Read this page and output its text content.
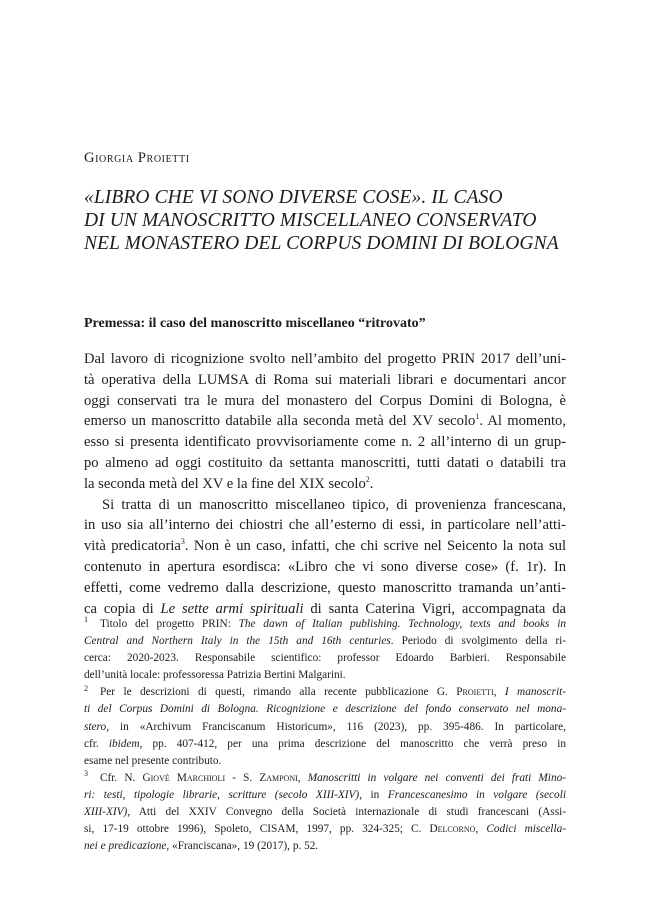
Giorgia Proietti

«LIBRO CHE VI SONO DIVERSE COSE». IL CASO
DI UN MANOSCRITTO MISCELLANEO CONSERVATO
NEL MONASTERO DEL CORPUS DOMINI DI BOLOGNA
Premessa: il caso del manoscritto miscellaneo “ritrovato”
Dal lavoro di ricognizione svolto nell’ambito del progetto PRIN 2017 dell’uni-
tà operativa della LUMSA di Roma sui materiali librari e documentari ancor
oggi conservati tra le mura del monastero del Corpus Domini di Bologna, è
emerso un manoscritto databile alla seconda metà del XV secolo$^1$. Al momento,
esso si presenta identificato provvisoriamente come n. 2 all’interno di un grup-
po almeno ad oggi costituito da settanta manoscritti, tutti datati o databili tra
la seconda metà del XV e la fine del XIX secolo$^2$.
Si tratta di un manoscritto miscellaneo tipico, di provenienza francescana,
in uso sia all’interno dei chiostri che all’esterno di essi, in particolare nell’atti-
vità predicatoria$^3$. Non è un caso, infatti, che chi scrive nel Seicento la nota sul
contenuto in apertura esordisca: «Libro che vi sono diverse cose» (f. 1r). In
effetti, come vedremo dalla descrizione, questo manoscritto tramanda un’anti-
ca copia di Le sette armi spirituali di santa Caterina Vigri, accompagnata da
1 Titolo del progetto PRIN: The dawn of Italian publishing. Technology, texts and books in
Central and Northern Italy in the 15th and 16th centuries. Periodo di svolgimento della ri-
cerca: 2020-2023. Responsabile scientifico: professor Edoardo Barbieri. Responsabile
dell’unità locale: professoressa Patrizia Bertini Malgarini.
2 Per le descrizioni di questi, rimando alla recente pubblicazione G. Proietti, I manoscrit-
ti del Corpus Domini di Bologna. Ricognizione e descrizione del fondo conservato nel mona-
stero, in «Archivum Franciscanum Historicum», 116 (2023), pp. 395-486. In particolare,
cfr. ibidem, pp. 407-412, per una prima descrizione del manoscritto che verrà preso in
esame nel presente contributo.
3 Cfr. N. Giovè Marchioli - S. Zamponi, Manoscritti in volgare nei conventi dei frati Mino-
ri: testi, tipologie librarie, scritture (secolo XIII-XIV), in Francescanesimo in volgare (secoli
XIII-XIV), Atti del XXIV Convegno della Società internazionale di studi francescani (Assi-
si, 17-19 ottobre 1996), Spoleto, CISAM, 1997, pp. 324-325; C. Delcorno, Codici miscella-
nei e predicazione, «Franciscana», 19 (2017), p. 52.
